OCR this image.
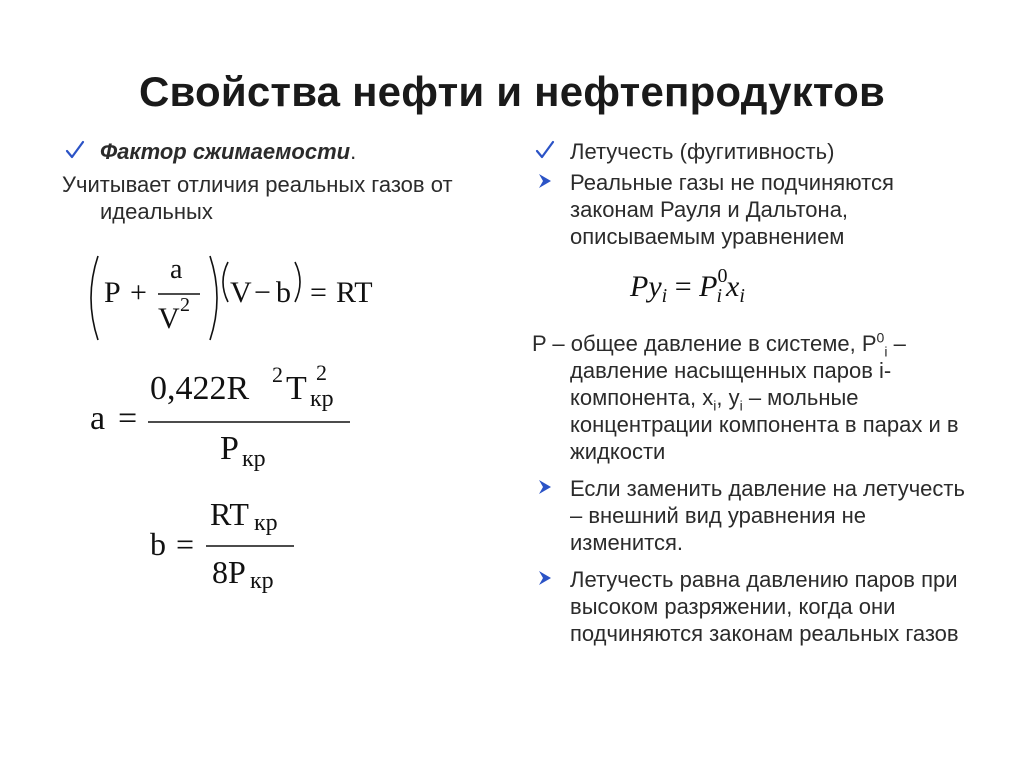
Свойства нефти и нефтепродуктов
Фактор сжимаемости.
Учитывает отличия реальных газов от идеальных
P +
a
V 2 V − b = RT
a =
0,422R 2 T 2
кр
P кр
b =
RT кр
8P кр
Летучесть (фугитивность)
Реальные газы не подчиняются законам Рауля и Дальтона, описываемым уравнением
$Py_i = P^0_i$ $x_i$
P – общее давление в системе, $P^0_i$ – давление насыщенных паров i-компонента, $x_i$, $y_i$ – мольные концентрации компонента в парах и в жидкости
Если заменить давление на летучесть – внешний вид уравнения не изменится.
Летучесть равна давлению паров при высоком разряжении, когда они подчиняются законам реальных газов
